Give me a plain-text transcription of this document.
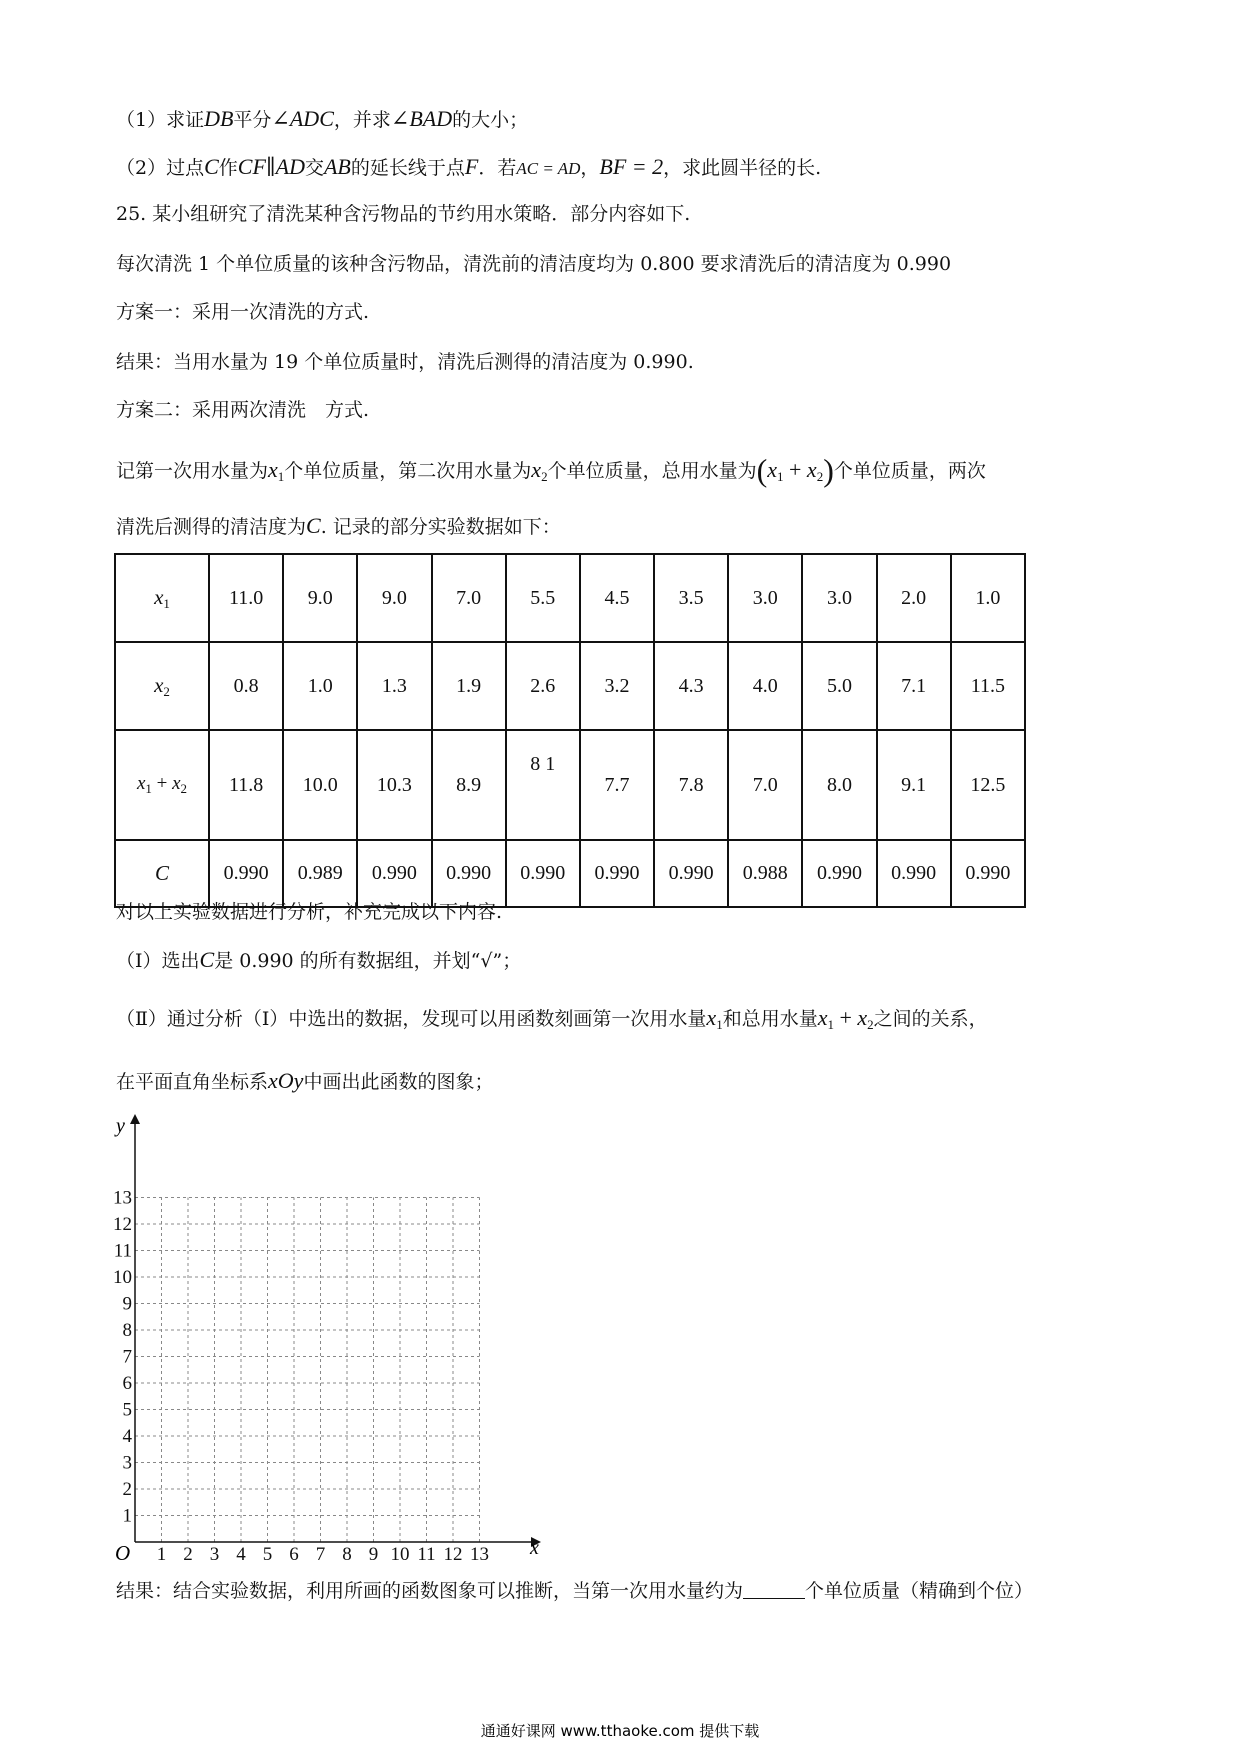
（1）求证DB平分∠ADC，并求∠BAD的大小；
（2）过点C作CF∥AD交AB的延长线于点F．若AC = AD，BF = 2，求此圆半径的长.
25. 某小组研究了清洗某种含污物品的节约用水策略．部分内容如下.
每次清洗 1 个单位质量的该种含污物品，清洗前的清洁度均为 0.800 要求清洗后的清洁度为 0.990
方案一：采用一次清洗的方式.
结果：当用水量为 19 个单位质量时，清洗后测得的清洁度为 0.990.
方案二：采用两次清洗　方式.
记第一次用水量为$x_1$个单位质量，第二次用水量为$x_2$个单位质量，总用水量为$(x_1 + x_2)$个单位质量，两次
清洗后测得的清洁度为C. 记录的部分实验数据如下：
$x_1$	11.0	9.0	9.0	7.0	5.5	4.5	3.5	3.0	3.0	2.0	1.0
$x_2$	0.8	1.0	1.3	1.9	2.6	3.2	4.3	4.0	5.0	7.1	11.5
$x_1 + x_2$	11.8	10.0	10.3	8.9	8 1	7.7	7.8	7.0	8.0	9.1	12.5
C	0.990	0.989	0.990	0.990	0.990	0.990	0.990	0.988	0.990	0.990	0.990
对以上实验数据进行分析，补充完成以下内容.
（Ⅰ）选出C是 0.990 的所有数据组，并划“√”；
（Ⅱ）通过分析（Ⅰ）中选出的数据，发现可以用函数刻画第一次用水量$x_1$和总用水量$x_1 + x_2$之间的关系，
在平面直角坐标系xOy中画出此函数的图象；
1 2 3 4 5 6 7 8 9 10 11 12 13
1
2
3
4
5
6
7
8
9
10
11
12
13
y
x
O
结果：结合实验数据，利用所画的函数图象可以推断，当第一次用水量约为	个单位质量（精确到个位）
通通好课网 www.tthaoke.com 提供下载
